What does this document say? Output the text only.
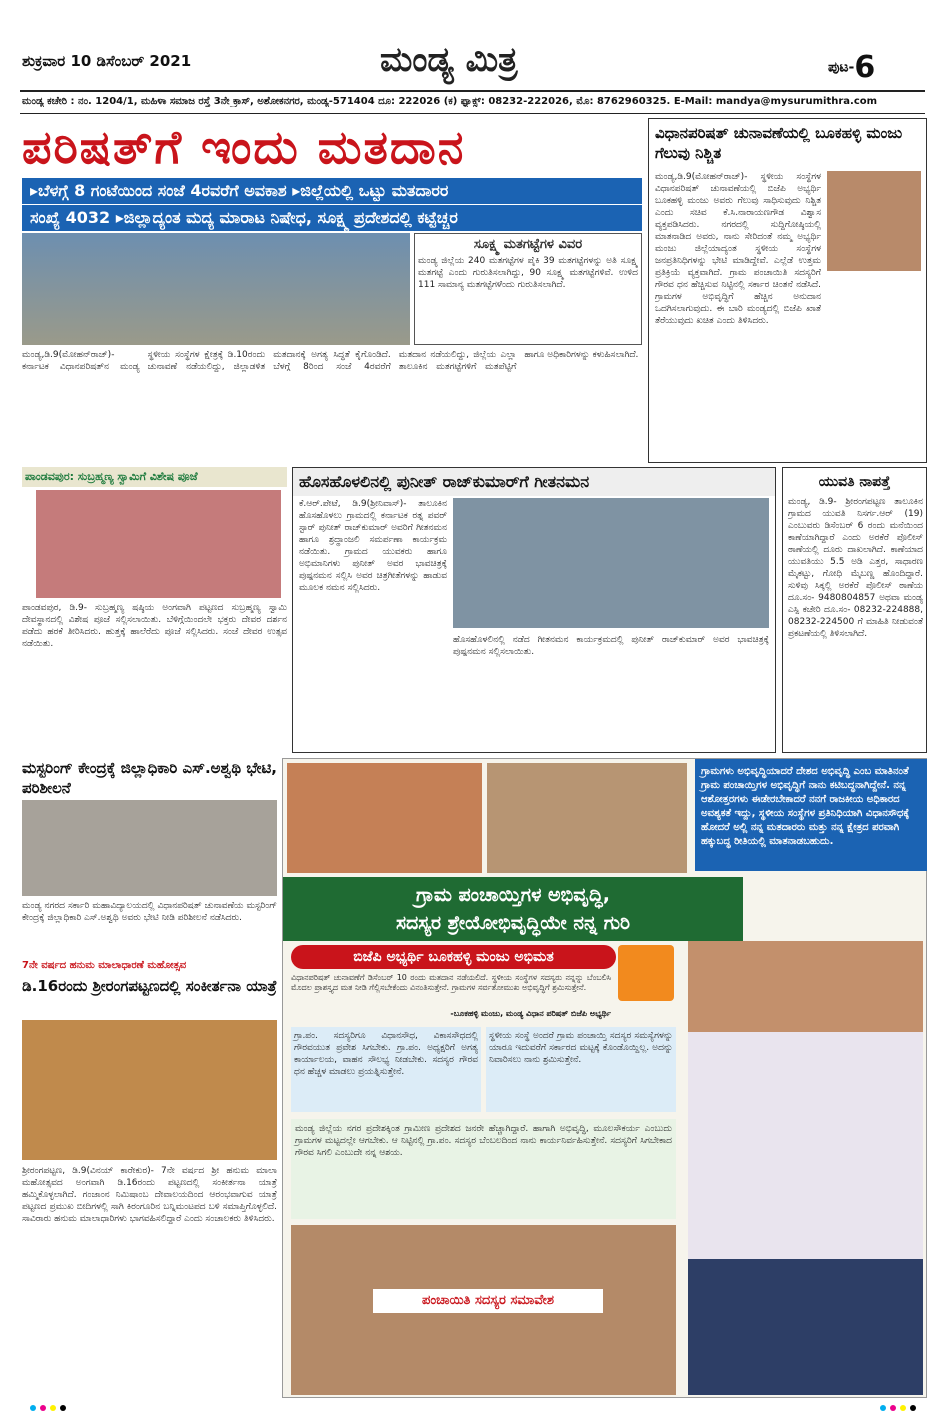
ಶುಕ್ರವಾರ 10 ಡಿಸೆಂಬರ್ 2021	ಮಂಡ್ಯ ಮಿತ್ರ	ಪುಟ-6
ಮಂಡ್ಯ ಕಚೇರಿ : ನಂ. 1204/1, ಮಹಿಳಾ ಸಮಾಜ ರಸ್ತೆ 3ನೇ ಕ್ರಾಸ್, ಅಶೋಕನಗರ, ಮಂಡ್ಯ-571404 ದೂ: 222026 (ಕ) ಫ್ಯಾಕ್ಸ್: 08232-222026, ಮೊ: 8762960325. E-Mail: mandya@mysurumithra.com
ಪರಿಷತ್‌ಗೆ ಇಂದು ಮತದಾನ
▸ಬೆಳಗ್ಗೆ 8 ಗಂಟೆಯಿಂದ ಸಂಜೆ 4ರವರೆಗೆ ಅವಕಾಶ ▸ಜಿಲ್ಲೆಯಲ್ಲಿ ಒಟ್ಟು ಮತದಾರರ
ಸಂಖ್ಯೆ 4032 ▸ಜಿಲ್ಲಾದ್ಯಂತ ಮದ್ಯ ಮಾರಾಟ ನಿಷೇಧ, ಸೂಕ್ಷ್ಮ ಪ್ರದೇಶದಲ್ಲಿ ಕಟ್ಟೆಚ್ಚರ
ಸೂಕ್ಷ್ಮ ಮತಗಟ್ಟೆಗಳ ವಿವರ
ಮಂಡ್ಯ ಜಿಲ್ಲೆಯ 240 ಮತಗಟ್ಟೆಗಳ ಪೈಕಿ 39 ಮತಗಟ್ಟೆಗಳನ್ನು ಅತಿ ಸೂಕ್ಷ್ಮ ಮತಗಟ್ಟೆ ಎಂದು ಗುರುತಿಸಲಾಗಿದ್ದು, 90 ಸೂಕ್ಷ್ಮ ಮತಗಟ್ಟೆಗಳಿವೆ. ಉಳಿದ 111 ಸಾಮಾನ್ಯ ಮತಗಟ್ಟೆಗಳೆಂದು ಗುರುತಿಸಲಾಗಿದೆ.
ಮಂಡ್ಯ,ಡಿ.9(ಮೋಹನ್‌ರಾಜ್)- ಕರ್ನಾಟಕ ವಿಧಾನಪರಿಷತ್‌ನ ಮಂಡ್ಯ ಸ್ಥಳೀಯ ಸಂಸ್ಥೆಗಳ ಕ್ಷೇತ್ರಕ್ಕೆ ಡಿ.10ರಂದು ಚುನಾವಣೆ ನಡೆಯಲಿದ್ದು, ಜಿಲ್ಲಾಡಳಿತ ಮತದಾನಕ್ಕೆ ಅಗತ್ಯ ಸಿದ್ಧತೆ ಕೈಗೊಂಡಿದೆ. ಬೆಳಗ್ಗೆ 8ರಿಂದ ಸಂಜೆ 4ರವರೆಗೆ ಮತದಾನ ನಡೆಯಲಿದ್ದು, ಜಿಲ್ಲೆಯ ಎಲ್ಲಾ ತಾಲೂಕಿನ ಮತಗಟ್ಟೆಗಳಿಗೆ ಮತಪೆಟ್ಟಿಗೆ ಹಾಗೂ ಅಧಿಕಾರಿಗಳನ್ನು ಕಳುಹಿಸಲಾಗಿದೆ.
ವಿಧಾನಪರಿಷತ್ ಚುನಾವಣೆಯಲ್ಲಿ ಬೂಕಹಳ್ಳಿ ಮಂಜು ಗೆಲುವು ನಿಶ್ಚಿತ
ಮಂಡ್ಯ,ಡಿ.9(ಮೋಹನ್‌ರಾಜ್)- ಸ್ಥಳೀಯ ಸಂಸ್ಥೆಗಳ ವಿಧಾನಪರಿಷತ್ ಚುನಾವಣೆಯಲ್ಲಿ ಬಿಜೆಪಿ ಅಭ್ಯರ್ಥಿ ಬೂಕಹಳ್ಳಿ ಮಂಜು ಅವರು ಗೆಲುವು ಸಾಧಿಸುವುದು ನಿಶ್ಚಿತ ಎಂದು ಸಚಿವ ಕೆ.ಸಿ.ನಾರಾಯಣಗೌಡ ವಿಶ್ವಾಸ ವ್ಯಕ್ತಪಡಿಸಿದರು. ನಗರದಲ್ಲಿ ಸುದ್ದಿಗೋಷ್ಠಿಯಲ್ಲಿ ಮಾತನಾಡಿದ ಅವರು, ನಾನು ಸೇರಿದಂತೆ ನಮ್ಮ ಅಭ್ಯರ್ಥಿ ಮಂಜು ಜಿಲ್ಲೆಯಾದ್ಯಂತ ಸ್ಥಳೀಯ ಸಂಸ್ಥೆಗಳ ಜನಪ್ರತಿನಿಧಿಗಳನ್ನು ಭೇಟಿ ಮಾಡಿದ್ದೇವೆ. ಎಲ್ಲೆಡೆ ಉತ್ತಮ ಪ್ರತಿಕ್ರಿಯೆ ವ್ಯಕ್ತವಾಗಿದೆ. ಗ್ರಾಮ ಪಂಚಾಯಿತಿ ಸದಸ್ಯರಿಗೆ ಗೌರವ ಧನ ಹೆಚ್ಚಿಸುವ ನಿಟ್ಟಿನಲ್ಲಿ ಸರ್ಕಾರ ಚಿಂತನೆ ನಡೆಸಿದೆ. ಗ್ರಾಮಗಳ ಅಭಿವೃದ್ಧಿಗೆ ಹೆಚ್ಚಿನ ಅನುದಾನ ಒದಗಿಸಲಾಗುವುದು. ಈ ಬಾರಿ ಮಂಡ್ಯದಲ್ಲಿ ಬಿಜೆಪಿ ಖಾತೆ ತೆರೆಯುವುದು ಖಚಿತ ಎಂದು ತಿಳಿಸಿದರು.
ಪಾಂಡವಪುರ: ಸುಬ್ರಹ್ಮಣ್ಯ ಸ್ವಾಮಿಗೆ ವಿಶೇಷ ಪೂಜೆ
ಪಾಂಡವಪುರ, ಡಿ.9- ಸುಬ್ರಹ್ಮಣ್ಯ ಷಷ್ಠಿಯ ಅಂಗವಾಗಿ ಪಟ್ಟಣದ ಸುಬ್ರಹ್ಮಣ್ಯ ಸ್ವಾಮಿ ದೇವಸ್ಥಾನದಲ್ಲಿ ವಿಶೇಷ ಪೂಜೆ ಸಲ್ಲಿಸಲಾಯಿತು. ಬೆಳಿಗ್ಗೆಯಿಂದಲೇ ಭಕ್ತರು ದೇವರ ದರ್ಶನ ಪಡೆದು ಹರಕೆ ತೀರಿಸಿದರು. ಹುತ್ತಕ್ಕೆ ಹಾಲೆರೆದು ಪೂಜೆ ಸಲ್ಲಿಸಿದರು. ಸಂಜೆ ದೇವರ ಉತ್ಸವ ನಡೆಯಿತು.
ಹೊಸಹೊಳಲಿನಲ್ಲಿ ಪುನೀತ್ ರಾಜ್‌ಕುಮಾರ್‌ಗೆ ಗೀತನಮನ
ಕೆ.ಆರ್.ಪೇಟೆ, ಡಿ.9(ಶ್ರೀನಿವಾಸ್)- ತಾಲೂಕಿನ ಹೊಸಹೊಳಲು ಗ್ರಾಮದಲ್ಲಿ ಕರ್ನಾಟಕ ರತ್ನ ಪವರ್ ಸ್ಟಾರ್ ಪುನೀತ್ ರಾಜ್‌ಕುಮಾರ್ ಅವರಿಗೆ ಗೀತನಮನ ಹಾಗೂ ಶ್ರದ್ಧಾಂಜಲಿ ಸಮರ್ಪಣಾ ಕಾರ್ಯಕ್ರಮ ನಡೆಯಿತು. ಗ್ರಾಮದ ಯುವಕರು ಹಾಗೂ ಅಭಿಮಾನಿಗಳು ಪುನೀತ್ ಅವರ ಭಾವಚಿತ್ರಕ್ಕೆ ಪುಷ್ಪನಮನ ಸಲ್ಲಿಸಿ ಅವರ ಚಿತ್ರಗೀತೆಗಳನ್ನು ಹಾಡುವ ಮೂಲಕ ನಮನ ಸಲ್ಲಿಸಿದರು.
ಹೊಸಹೊಳಲಿನಲ್ಲಿ ನಡೆದ ಗೀತನಮನ ಕಾರ್ಯಕ್ರಮದಲ್ಲಿ ಪುನೀತ್ ರಾಜ್‌ಕುಮಾರ್ ಅವರ ಭಾವಚಿತ್ರಕ್ಕೆ ಪುಷ್ಪನಮನ ಸಲ್ಲಿಸಲಾಯಿತು.
ಯುವತಿ ನಾಪತ್ತೆ
ಮಂಡ್ಯ, ಡಿ.9- ಶ್ರೀರಂಗಪಟ್ಟಣ ತಾಲೂಕಿನ ಗ್ರಾಮದ ಯುವತಿ ನಿಸರ್ಗ.ಆರ್ (19) ಎಂಬುವರು ಡಿಸೆಂಬರ್ 6 ರಂದು ಮನೆಯಿಂದ ಕಾಣೆಯಾಗಿದ್ದಾರೆ ಎಂದು ಅರಕೆರೆ ಪೊಲೀಸ್ ಠಾಣೆಯಲ್ಲಿ ದೂರು ದಾಖಲಾಗಿದೆ. ಕಾಣೆಯಾದ ಯುವತಿಯು 5.5 ಅಡಿ ಎತ್ತರ, ಸಾಧಾರಣ ಮೈಕಟ್ಟು, ಗೋಧಿ ಮೈಬಣ್ಣ ಹೊಂದಿದ್ದಾರೆ. ಸುಳಿವು ಸಿಕ್ಕಲ್ಲಿ ಅರಕೆರೆ ಪೊಲೀಸ್ ಠಾಣೆಯ ದೂ.ಸಂ- 9480804857 ಅಥವಾ ಮಂಡ್ಯ ಎಸ್ಪಿ ಕಚೇರಿ ದೂ.ಸಂ- 08232-224888, 08232-224500 ಗೆ ಮಾಹಿತಿ ನೀಡುವಂತೆ ಪ್ರಕಟಣೆಯಲ್ಲಿ ತಿಳಿಸಲಾಗಿದೆ.
ಮಸ್ಟರಿಂಗ್ ಕೇಂದ್ರಕ್ಕೆ ಜಿಲ್ಲಾಧಿಕಾರಿ ಎಸ್.ಅಶ್ವಥಿ ಭೇಟಿ, ಪರಿಶೀಲನೆ
ಮಂಡ್ಯ ನಗರದ ಸರ್ಕಾರಿ ಮಹಾವಿದ್ಯಾಲಯದಲ್ಲಿ ವಿಧಾನಪರಿಷತ್ ಚುನಾವಣೆಯ ಮಸ್ಟರಿಂಗ್ ಕೇಂದ್ರಕ್ಕೆ ಜಿಲ್ಲಾಧಿಕಾರಿ ಎಸ್.ಅಶ್ವಥಿ ಅವರು ಭೇಟಿ ನೀಡಿ ಪರಿಶೀಲನೆ ನಡೆಸಿದರು.
7ನೇ ವರ್ಷದ ಹನುಮ ಮಾಲಾಧಾರಣೆ ಮಹೋತ್ಸವ
ಡಿ.16ರಂದು ಶ್ರೀರಂಗಪಟ್ಟಣದಲ್ಲಿ ಸಂಕೀರ್ತನಾ ಯಾತ್ರೆ
ಶ್ರೀರಂಗಪಟ್ಟಣ, ಡಿ.9(ವಿನಯ್ ಕಾರೇಕುರ)- 7ನೇ ವರ್ಷದ ಶ್ರೀ ಹನುಮ ಮಾಲಾ ಮಹೋತ್ಸವದ ಅಂಗವಾಗಿ ಡಿ.16ರಂದು ಪಟ್ಟಣದಲ್ಲಿ ಸಂಕೀರ್ತನಾ ಯಾತ್ರೆ ಹಮ್ಮಿಕೊಳ್ಳಲಾಗಿದೆ. ಗಂಜಾಂನ ನಿಮಿಷಾಂಬ ದೇವಾಲಯದಿಂದ ಆರಂಭವಾಗುವ ಯಾತ್ರೆ ಪಟ್ಟಣದ ಪ್ರಮುಖ ಬೀದಿಗಳಲ್ಲಿ ಸಾಗಿ ಕಿರಂಗೂರಿನ ಬನ್ನಿಮಂಟಪದ ಬಳಿ ಸಮಾಪ್ತಿಗೊಳ್ಳಲಿದೆ. ಸಾವಿರಾರು ಹನುಮ ಮಾಲಾಧಾರಿಗಳು ಭಾಗವಹಿಸಲಿದ್ದಾರೆ ಎಂದು ಸಂಚಾಲಕರು ತಿಳಿಸಿದರು.
ಗ್ರಾಮಗಳು ಅಭಿವೃದ್ಧಿಯಾದರೆ ದೇಶದ ಅಭಿವೃದ್ಧಿ ಎಂಬ ಮಾತಿನಂತೆ ಗ್ರಾಮ ಪಂಚಾಯ್ತಿಗಳ ಅಭಿವೃದ್ಧಿಗೆ ನಾನು ಕಟಿಬದ್ಧನಾಗಿದ್ದೇನೆ. ನನ್ನ ಆಶೋತ್ತರಗಳು ಈಡೇರಬೇಕಾದರೆ ನನಗೆ ರಾಜಕೀಯ ಅಧಿಕಾರದ ಅವಶ್ಯಕತೆ ಇದ್ದು, ಸ್ಥಳೀಯ ಸಂಸ್ಥೆಗಳ ಪ್ರತಿನಿಧಿಯಾಗಿ ವಿಧಾನಸೌಧಕ್ಕೆ ಹೋದರೆ ಅಲ್ಲಿ ನನ್ನ ಮತದಾರರು ಮತ್ತು ನನ್ನ ಕ್ಷೇತ್ರದ ಪರವಾಗಿ ಹಕ್ಕುಬದ್ಧ ರೀತಿಯಲ್ಲಿ ಮಾತನಾಡಬಹುದು.
ಗ್ರಾಮ ಪಂಚಾಯ್ತಿಗಳ ಅಭಿವೃದ್ಧಿ,
ಸದಸ್ಯರ ಶ್ರೇಯೋಭಿವೃದ್ಧಿಯೇ ನನ್ನ ಗುರಿ
ಬಿಜೆಪಿ ಅಭ್ಯರ್ಥಿ ಬೂಕಹಳ್ಳಿ ಮಂಜು ಅಭಿಮತ
ವಿಧಾನಪರಿಷತ್ ಚುನಾವಣೆಗೆ ಡಿಸೆಂಬರ್ 10 ರಂದು ಮತದಾನ ನಡೆಯಲಿದೆ. ಸ್ಥಳೀಯ ಸಂಸ್ಥೆಗಳ ಸದಸ್ಯರು ನನ್ನನ್ನು ಬೆಂಬಲಿಸಿ ಮೊದಲ ಪ್ರಾಶಸ್ತ್ಯದ ಮತ ನೀಡಿ ಗೆಲ್ಲಿಸಬೇಕೆಂದು ವಿನಂತಿಸುತ್ತೇನೆ. ಗ್ರಾಮಗಳ ಸರ್ವತೋಮುಖ ಅಭಿವೃದ್ಧಿಗೆ ಶ್ರಮಿಸುತ್ತೇನೆ.
-ಬೂಕಹಳ್ಳಿ ಮಂಜು, ಮಂಡ್ಯ ವಿಧಾನ ಪರಿಷತ್ ಬಿಜೆಪಿ ಅಭ್ಯರ್ಥಿ
ಗ್ರಾ.ಪಂ. ಸದಸ್ಯರಿಗೂ ವಿಧಾನಸೌಧ, ವಿಕಾಸಸೌಧದಲ್ಲಿ ಗೌರವಯುತ ಪ್ರವೇಶ ಸಿಗಬೇಕು. ಗ್ರಾ.ಪಂ. ಅಧ್ಯಕ್ಷರಿಗೆ ಅಗತ್ಯ ಕಾರ್ಯಾಲಯ, ವಾಹನ ಸೌಲಭ್ಯ ನೀಡಬೇಕು. ಸದಸ್ಯರ ಗೌರವ ಧನ ಹೆಚ್ಚಳ ಮಾಡಲು ಪ್ರಯತ್ನಿಸುತ್ತೇನೆ.
ಸ್ಥಳೀಯ ಸಂಸ್ಥೆ ಅಂದರೆ ಗ್ರಾಮ ಪಂಚಾಯ್ತಿ ಸದಸ್ಯರ ಸಮಸ್ಯೆಗಳನ್ನು ಯಾರೂ ಇದುವರೆಗೆ ಸರ್ಕಾರದ ಮಟ್ಟಕ್ಕೆ ಕೊಂಡೊಯ್ದಿಲ್ಲ. ಅದನ್ನು ನಿವಾರಿಸಲು ನಾನು ಶ್ರಮಿಸುತ್ತೇನೆ.
ಮಂಡ್ಯ ಜಿಲ್ಲೆಯ ನಗರ ಪ್ರದೇಶಕ್ಕಿಂತ ಗ್ರಾಮೀಣ ಪ್ರದೇಶದ ಜನರೇ ಹೆಚ್ಚಾಗಿದ್ದಾರೆ. ಹಾಗಾಗಿ ಅಭಿವೃದ್ಧಿ, ಮೂಲಸೌಕರ್ಯ ಎಂಬುದು ಗ್ರಾಮಗಳ ಮಟ್ಟದಲ್ಲೇ ಆಗಬೇಕು. ಆ ನಿಟ್ಟಿನಲ್ಲಿ ಗ್ರಾ.ಪಂ. ಸದಸ್ಯರ ಬೆಂಬಲದಿಂದ ನಾನು ಕಾರ್ಯನಿರ್ವಹಿಸುತ್ತೇನೆ. ಸದಸ್ಯರಿಗೆ ಸಿಗಬೇಕಾದ ಗೌರವ ಸಿಗಲಿ ಎಂಬುದೇ ನನ್ನ ಆಶಯ.
ಪಂಚಾಯಿತಿ ಸದಸ್ಯರ ಸಮಾವೇಶ
